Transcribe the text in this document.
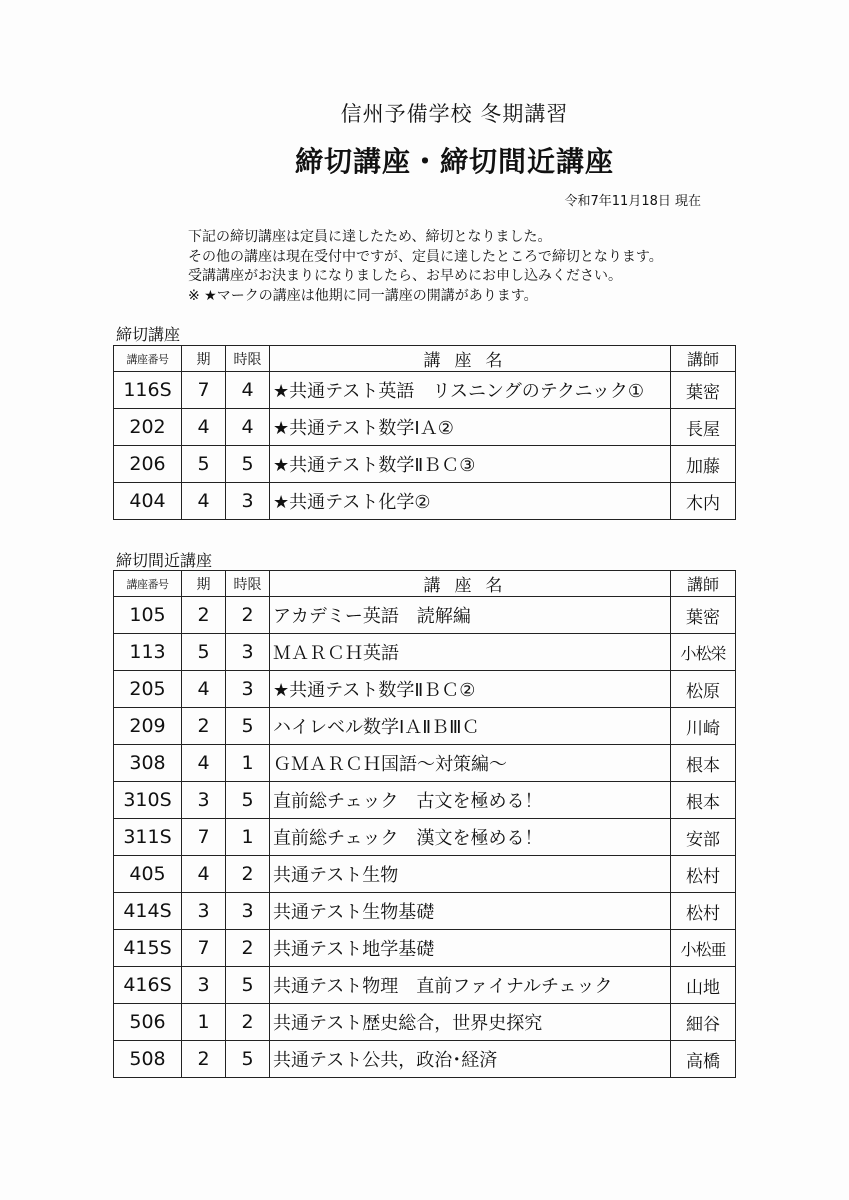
信州予備学校 冬期講習
締切講座・締切間近講座
令和7年11月18日 現在
下記の締切講座は定員に達したため、締切となりました。
その他の講座は現在受付中ですが、定員に達したところで締切となります。
受講講座がお決まりになりましたら、お早めにお申し込みください。
※ ★マークの講座は他期に同一講座の開講があります。
締切講座
講座番号	期	時限	講座名	講師
116S	7	4	★共通テスト英語　リスニングのテクニック①	葉密
202	4	4	★共通テスト数学ⅠＡ②	長屋
206	5	5	★共通テスト数学ⅡＢＣ③	加藤
404	4	3	★共通テスト化学②	木内
締切間近講座
講座番号	期	時限	講座名	講師
105	2	2	アカデミー英語　読解編	葉密
113	5	3	ＭＡＲＣＨ英語	小松栄
205	4	3	★共通テスト数学ⅡＢＣ②	松原
209	2	5	ハイレベル数学ⅠＡⅡＢⅢＣ	川崎
308	4	1	ＧＭＡＲＣＨ国語～対策編～	根本
310S	3	5	直前総チェック　古文を極める！	根本
311S	7	1	直前総チェック　漢文を極める！	安部
405	4	2	共通テスト生物	松村
414S	3	3	共通テスト生物基礎	松村
415S	7	2	共通テスト地学基礎	小松亜
416S	3	5	共通テスト物理　直前ファイナルチェック	山地
506	1	2	共通テスト歴史総合，世界史探究	細谷
508	2	5	共通テスト公共，政治･経済	高橋
